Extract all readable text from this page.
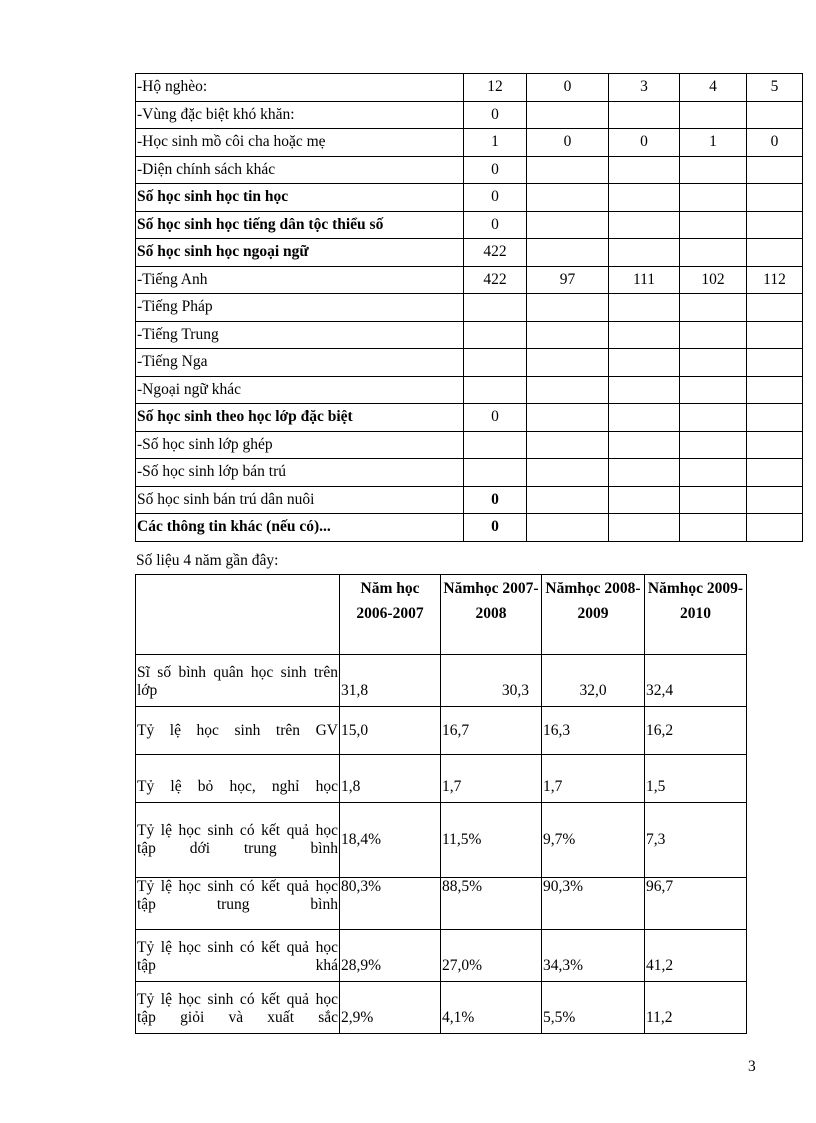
-Hộ nghèo:	12	0	3	4	5
-Vùng đặc biệt khó khăn:	0				
-Học sinh mồ côi cha hoặc mẹ	1	0	0	1	0
-Diện chính sách khác	0				
Số học sinh học tin học	0				
Số học sinh học tiếng dân tộc thiểu số	0				
Số học sinh học ngoại ngữ	422				
-Tiếng Anh	422	97	111	102	112
-Tiếng Pháp					
-Tiếng Trung					
-Tiếng Nga					
-Ngoại ngữ khác					
Số học sinh theo học lớp đặc biệt	0				
-Số học sinh lớp ghép					
-Số học sinh lớp bán trú					
Số học sinh bán trú dân nuôi	0				
Các thông tin khác (nếu có)...	0				
Số liệu 4 năm gần đây:
	Năm học 2006-2007	Nămhọc 2007-2008	Nămhọc 2008-2009	Nămhọc 2009-2010
Sĩ số bình quân học sinh trên lớp	31,8	30,3	32,0	32,4
Tỷ lệ học sinh trên GV	15,0	16,7	16,3	16,2
Tỷ lệ bỏ học, nghỉ học	1,8	1,7	1,7	1,5
Tỷ lệ học sinh có kết quả học tập dới trung bình	18,4%	11,5%	9,7%	7,3
Tỷ lệ học sinh có kết quả học tập trung bình	80,3%	88,5%	90,3%	96,7
Tỷ lệ học sinh có kết quả học tập khá	28,9%	27,0%	34,3%	41,2
Tỷ lệ học sinh có kết quả học tập giỏi và xuất sắc	2,9%	4,1%	5,5%	11,2
3
